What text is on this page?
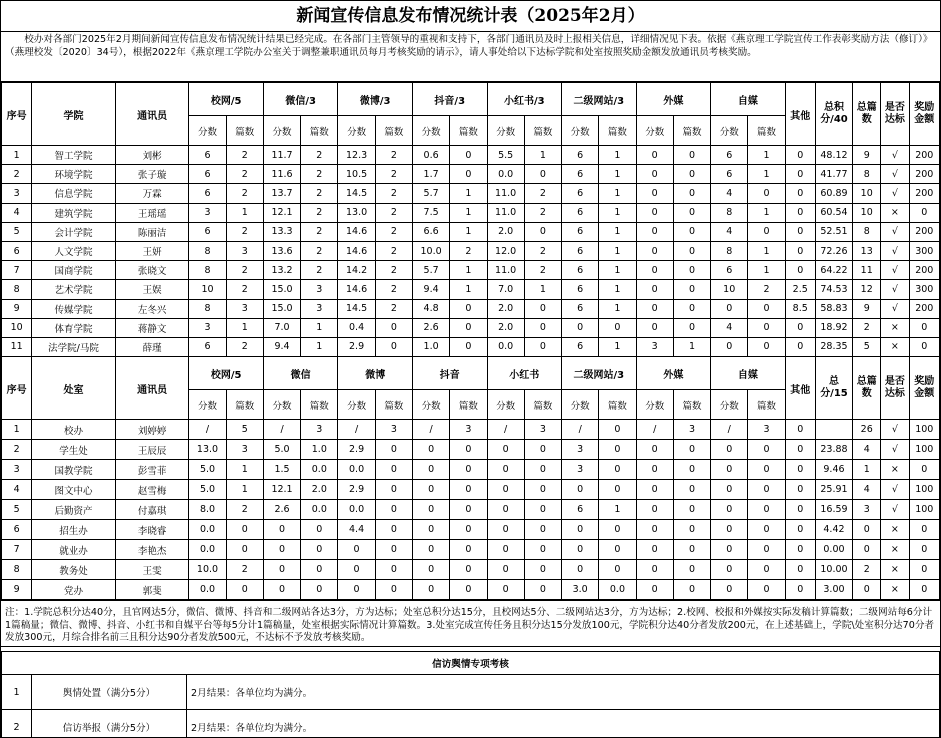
新闻宣传信息发布情况统计表（2025年2月）

校办对各部门2025年2月期间新闻宣传信息发布情况统计结果已经完成。在各部门主管领导的重视和支持下，各部门通讯员及时上报相关信息，详细情况见下表。依据《燕京理工学院宣传工作表彰奖励方法（修订）》（燕理校发〔2020〕34号），根据2022年《燕京理工学院办公室关于调整兼职通讯员每月考核奖励的请示》，请人事处给以下达标学院和处室按照奖励金额发放通讯员考核奖励。

序号	学院	通讯员	校网/5		微信/3		微博/3		抖音/3		小红书/3		二级网站/3		外媒		自媒		其他	总积分/40	总篇数	是否达标	奖励金额
			分数	篇数	分数	篇数	分数	篇数	分数	篇数	分数	篇数	分数	篇数	分数	篇数	分数	篇数					
1	智工学院	刘彬	6	2	11.7	2	12.3	2	0.6	0	5.5	1	6	1	0	0	6	1	0	48.12	9	√	200
2	环境学院	张子璇	6	2	11.6	2	10.5	2	1.7	0	0.0	0	6	1	0	0	6	1	0	41.77	8	√	200
3	信息学院	万霖	6	2	13.7	2	14.5	2	5.7	1	11.0	2	6	1	0	0	4	0	0	60.89	10	√	200
4	建筑学院	王瑶瑶	3	1	12.1	2	13.0	2	7.5	1	11.0	2	6	1	0	0	8	1	0	60.54	10	×	0
5	会计学院	陈丽洁	6	2	13.3	2	14.6	2	6.6	1	2.0	0	6	1	0	0	4	0	0	52.51	8	√	200
6	人文学院	王妍	8	3	13.6	2	14.6	2	10.0	2	12.0	2	6	1	0	0	8	1	0	72.26	13	√	300
7	国商学院	张晓文	8	2	13.2	2	14.2	2	5.7	1	11.0	2	6	1	0	0	6	1	0	64.22	11	√	200
8	艺术学院	王娱	10	2	15.0	3	14.6	2	9.4	1	7.0	1	6	1	0	0	10	2	2.5	74.53	12	√	300
9	传媒学院	左冬兴	8	3	15.0	3	14.5	2	4.8	0	2.0	0	6	1	0	0	0	0	8.5	58.83	9	√	200
10	体育学院	蒋静文	3	1	7.0	1	0.4	0	2.6	0	2.0	0	0	0	0	0	4	0	0	18.92	2	×	0
11	法学院/马院	薛瑾	6	2	9.4	1	2.9	0	1.0	0	0.0	0	6	1	3	1	0	0	0	28.35	5	×	0
序号	处室	通讯员	校网/5		微信		微博		抖音		小红书		二级网站/3		外媒		自媒		其他	总分/15	总篇数	是否达标	奖励金额
			分数	篇数	分数	篇数	分数	篇数	分数	篇数	分数	篇数	分数	篇数	分数	篇数	分数	篇数					
1	校办	刘婷婷	/	5	/	3	/	3	/	3	/	3	/	0	/	3	/	3	0		26	√	100
2	学生处	王辰辰	13.0	3	5.0	1.0	2.9	0	0	0	0	0	3	0	0	0	0	0	0	23.88	4	√	100
3	国教学院	彭雪菲	5.0	1	1.5	0.0	0.0	0	0	0	0	0	3	0	0	0	0	0	0	9.46	1	×	0
4	图文中心	赵雪梅	5.0	1	12.1	2.0	2.9	0	0	0	0	0	0	0	0	0	0	0	0	25.91	4	√	100
5	后勤资产	付嘉琪	8.0	2	2.6	0.0	0.0	0	0	0	0	0	6	1	0	0	0	0	0	16.59	3	√	100
6	招生办	李晓睿	0.0	0	0	0	4.4	0	0	0	0	0	0	0	0	0	0	0	0	4.42	0	×	0
7	就业办	李艳杰	0.0	0	0	0	0	0	0	0	0	0	0	0	0	0	0	0	0	0.00	0	×	0
8	教务处	王雯	10.0	2	0	0	0	0	0	0	0	0	0	0	0	0	0	0	0	10.00	2	×	0
9	党办	郭斐	0.0	0	0	0	0	0	0	0	0	0	3.0	0.0	0	0	0	0	0	3.00	0	×	0

注：1.学院总积分达40分，且官网达5分，微信、微博、抖音和二级网站各达3分，方为达标；处室总积分达15分，且校网达5分、二级网站达3分，方为达标；2.校网、校报和外媒按实际发稿计算篇数；二级网站每6分计1篇稿量；微信、微博、抖音、小红书和自媒平台等每5分计1篇稿量，处室根据实际情况计算篇数。3.处室完成宣传任务且积分达15分发放100元，学院积分达40分者发放200元，在上述基础上，学院\处室积分达70分者发放300元，月综合排名前三且积分达90分者发放500元，不达标不予发放考核奖励。

信访舆情专项考核		
1	舆情处置（满分5分）	2月结果：各单位均为满分。
2	信访举报（满分5分）	2月结果：各单位均为满分。
